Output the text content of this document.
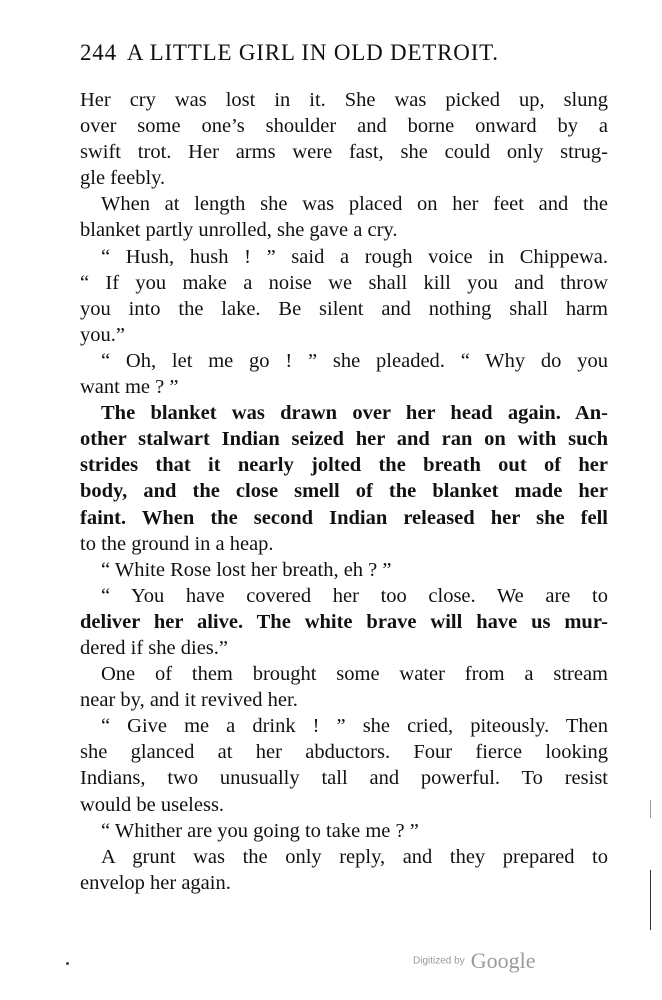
244 A LITTLE GIRL IN OLD DETROIT.
Her cry was lost in it. She was picked up, slung
over some one’s shoulder and borne onward by a
swift trot. Her arms were fast, she could only strug-
gle feebly.
When at length she was placed on her feet and the
blanket partly unrolled, she gave a cry.
“ Hush, hush ! ” said a rough voice in Chippewa.
“ If you make a noise we shall kill you and throw
you into the lake. Be silent and nothing shall harm
you.”
“ Oh, let me go ! ” she pleaded. “ Why do you
want me ? ”
The blanket was drawn over her head again. An-
other stalwart Indian seized her and ran on with such
strides that it nearly jolted the breath out of her
body, and the close smell of the blanket made her
faint. When the second Indian released her she fell
to the ground in a heap.
“ White Rose lost her breath, eh ? ”
“ You have covered her too close. We are to
deliver her alive. The white brave will have us mur-
dered if she dies.”
One of them brought some water from a stream
near by, and it revived her.
“ Give me a drink ! ” she cried, piteously. Then
she glanced at her abductors. Four fierce looking
Indians, two unusually tall and powerful. To resist
would be useless.
“ Whither are you going to take me ? ”
A grunt was the only reply, and they prepared to
envelop her again.
Digitized by Google
